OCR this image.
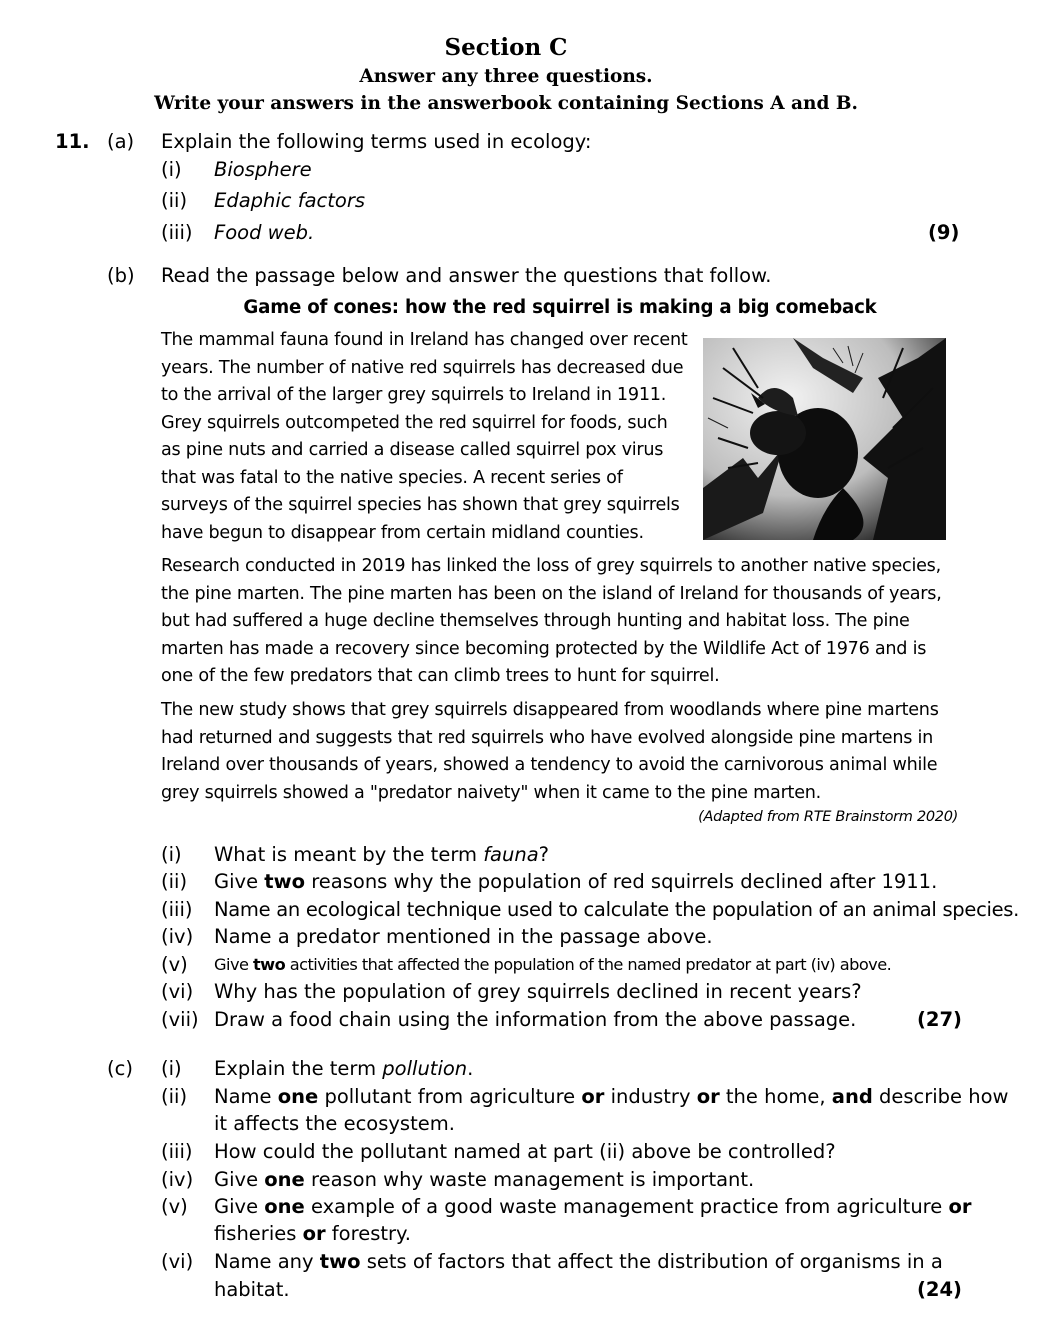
Section C
Answer any three questions.
Write your answers in the answerbook containing Sections A and B.
11. (a) Explain the following terms used in ecology:
(i) Biosphere
(ii) Edaphic factors
(iii) Food web.	(9)
(b) Read the passage below and answer the questions that follow.
Game of cones: how the red squirrel is making a big comeback
The mammal fauna found in Ireland has changed over recent
years. The number of native red squirrels has decreased due
to the arrival of the larger grey squirrels to Ireland in 1911.
Grey squirrels outcompeted the red squirrel for foods, such
as pine nuts and carried a disease called squirrel pox virus
that was fatal to the native species. A recent series of
surveys of the squirrel species has shown that grey squirrels
have begun to disappear from certain midland counties.
Research conducted in 2019 has linked the loss of grey squirrels to another native species,
the pine marten. The pine marten has been on the island of Ireland for thousands of years,
but had suffered a huge decline themselves through hunting and habitat loss. The pine
marten has made a recovery since becoming protected by the Wildlife Act of 1976 and is
one of the few predators that can climb trees to hunt for squirrel.
The new study shows that grey squirrels disappeared from woodlands where pine martens
had returned and suggests that red squirrels who have evolved alongside pine martens in
Ireland over thousands of years, showed a tendency to avoid the carnivorous animal while
grey squirrels showed a "predator naivety" when it came to the pine marten.
(Adapted from RTE Brainstorm 2020)
(i) What is meant by the term fauna?
(ii) Give two reasons why the population of red squirrels declined after 1911.
(iii) Name an ecological technique used to calculate the population of an animal species.
(iv) Name a predator mentioned in the passage above.
(v) Give two activities that affected the population of the named predator at part (iv) above.
(vi) Why has the population of grey squirrels declined in recent years?
(vii) Draw a food chain using the information from the above passage.	(27)
(c) (i) Explain the term pollution.
(ii) Name one pollutant from agriculture or industry or the home, and describe how
it affects the ecosystem.
(iii) How could the pollutant named at part (ii) above be controlled?
(iv) Give one reason why waste management is important.
(v) Give one example of a good waste management practice from agriculture or
fisheries or forestry.
(vi) Name any two sets of factors that affect the distribution of organisms in a
habitat.	(24)
